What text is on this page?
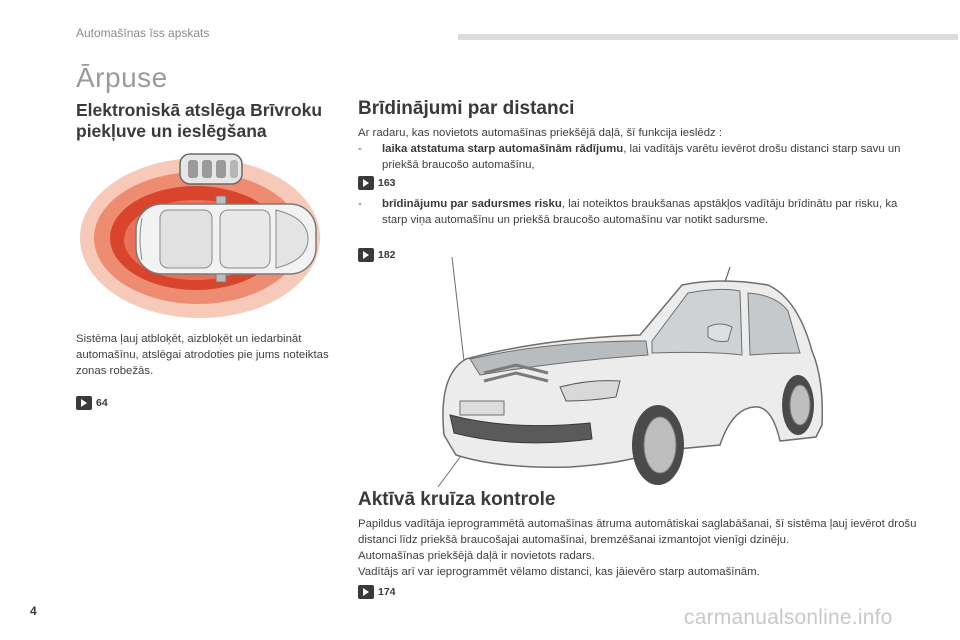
Automašīnas īss apskats
Ārpuse
Elektroniskā atslēga Brīvroku piekļuve un ieslēgšana
Sistēma ļauj atbloķēt, aizbloķēt un iedarbināt automašīnu, atslēgai atrodoties pie jums noteiktas zonas robežās.
64
Brīdinājumi par distanci
Ar radaru, kas novietots automašīnas priekšējā daļā, šī funkcija ieslēdz :
- laika atstatuma starp automašīnām rādījumu, lai vadītājs varētu ievērot drošu distanci starp savu un priekšā braucošo automašīnu,
163
- brīdinājumu par sadursmes risku, lai noteiktos braukšanas apstākļos vadītāju brīdinātu par risku, ka starp viņa automašīnu un priekšā braucošo automašīnu var notikt sadursme.
182
Aktīvā kruīza kontrole
Papildus vadītāja ieprogrammētā automašīnas ātruma automātiskai saglabāšanai, šī sistēma ļauj ievērot drošu distanci līdz priekšā braucošajai automašīnai, bremzēšanai izmantojot vienīgi dzinēju.
Automašīnas priekšējā daļā ir novietots radars.
Vadītājs arī var ieprogrammēt vēlamo distanci, kas jāievēro starp automašīnām.
174
4	carmanualsonline.info
